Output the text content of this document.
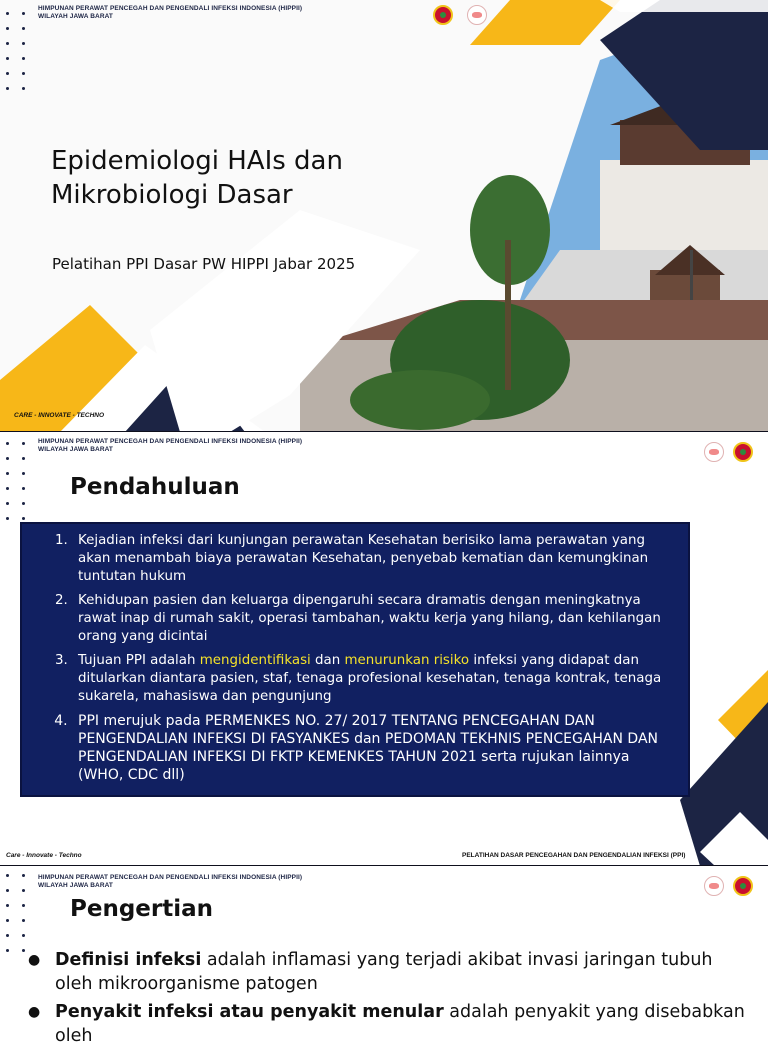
HIMPUNAN PERAWAT PENCEGAH DAN PENGENDALI INFEKSI INDONESIA (HIPPII)
WILAYAH JAWA BARAT
Epidemiologi HAIs dan
Mikrobiologi Dasar
Pelatihan PPI Dasar PW HIPPI Jabar 2025
CARE - INNOVATE - TECHNO
HIMPUNAN PERAWAT PENCEGAH DAN PENGENDALI INFEKSI INDONESIA (HIPPII)
WILAYAH JAWA BARAT
Pendahuluan
1. Kejadian infeksi dari kunjungan perawatan Kesehatan berisiko lama perawatan yang akan menambah biaya perawatan Kesehatan, penyebab kematian dan kemungkinan tuntutan hukum
2. Kehidupan pasien dan keluarga dipengaruhi secara dramatis dengan meningkatnya rawat inap di rumah sakit, operasi tambahan, waktu kerja yang hilang, dan kehilangan orang yang dicintai
3. Tujuan PPI adalah mengidentifikasi dan menurunkan risiko infeksi yang didapat dan ditularkan diantara pasien, staf, tenaga profesional kesehatan, tenaga kontrak, tenaga sukarela, mahasiswa dan pengunjung
4. PPI merujuk pada PERMENKES NO. 27/ 2017 TENTANG PENCEGAHAN DAN PENGENDALIAN INFEKSI DI FASYANKES dan PEDOMAN TEKHNIS PENCEGAHAN DAN PENGENDALIAN INFEKSI DI FKTP KEMENKES TAHUN 2021 serta rujukan lainnya (WHO, CDC dll)
Care - Innovate - Techno	PELATIHAN DASAR PENCEGAHAN DAN PENGENDALIAN INFEKSI (PPI)
HIMPUNAN PERAWAT PENCEGAH DAN PENGENDALI INFEKSI INDONESIA (HIPPII)
WILAYAH JAWA BARAT
Pengertian
● Definisi infeksi adalah inflamasi yang terjadi akibat invasi jaringan tubuh oleh mikroorganisme patogen
● Penyakit infeksi atau penyakit menular adalah penyakit yang disebabkan oleh
